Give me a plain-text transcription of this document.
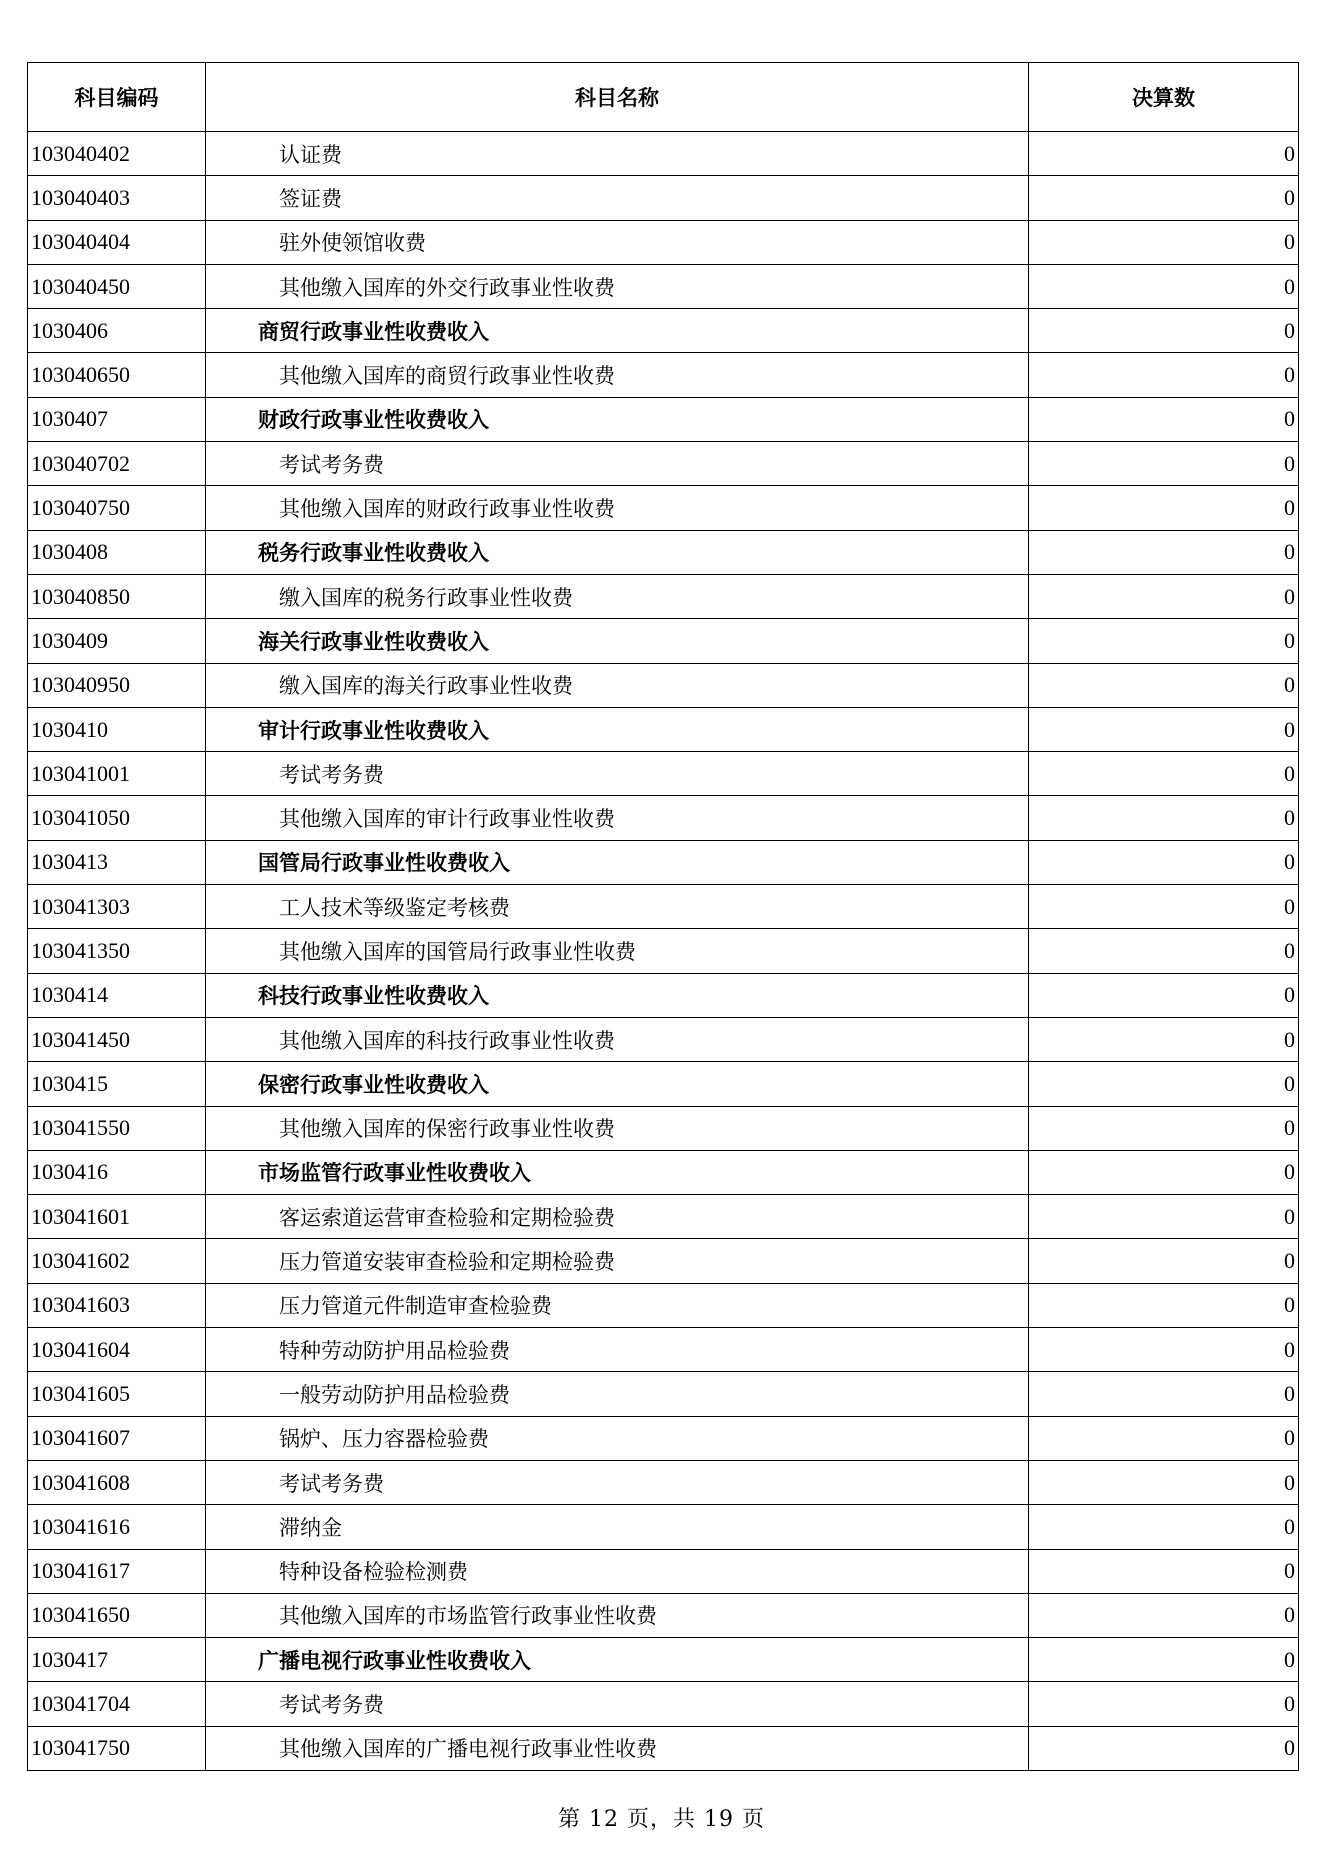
科目编码	科目名称	决算数
103040402	认证费	0
103040403	签证费	0
103040404	驻外使领馆收费	0
103040450	其他缴入国库的外交行政事业性收费	0
1030406	商贸行政事业性收费收入	0
103040650	其他缴入国库的商贸行政事业性收费	0
1030407	财政行政事业性收费收入	0
103040702	考试考务费	0
103040750	其他缴入国库的财政行政事业性收费	0
1030408	税务行政事业性收费收入	0
103040850	缴入国库的税务行政事业性收费	0
1030409	海关行政事业性收费收入	0
103040950	缴入国库的海关行政事业性收费	0
1030410	审计行政事业性收费收入	0
103041001	考试考务费	0
103041050	其他缴入国库的审计行政事业性收费	0
1030413	国管局行政事业性收费收入	0
103041303	工人技术等级鉴定考核费	0
103041350	其他缴入国库的国管局行政事业性收费	0
1030414	科技行政事业性收费收入	0
103041450	其他缴入国库的科技行政事业性收费	0
1030415	保密行政事业性收费收入	0
103041550	其他缴入国库的保密行政事业性收费	0
1030416	市场监管行政事业性收费收入	0
103041601	客运索道运营审查检验和定期检验费	0
103041602	压力管道安装审查检验和定期检验费	0
103041603	压力管道元件制造审查检验费	0
103041604	特种劳动防护用品检验费	0
103041605	一般劳动防护用品检验费	0
103041607	锅炉、压力容器检验费	0
103041608	考试考务费	0
103041616	滞纳金	0
103041617	特种设备检验检测费	0
103041650	其他缴入国库的市场监管行政事业性收费	0
1030417	广播电视行政事业性收费收入	0
103041704	考试考务费	0
103041750	其他缴入国库的广播电视行政事业性收费	0
第 12 页，共 19 页
